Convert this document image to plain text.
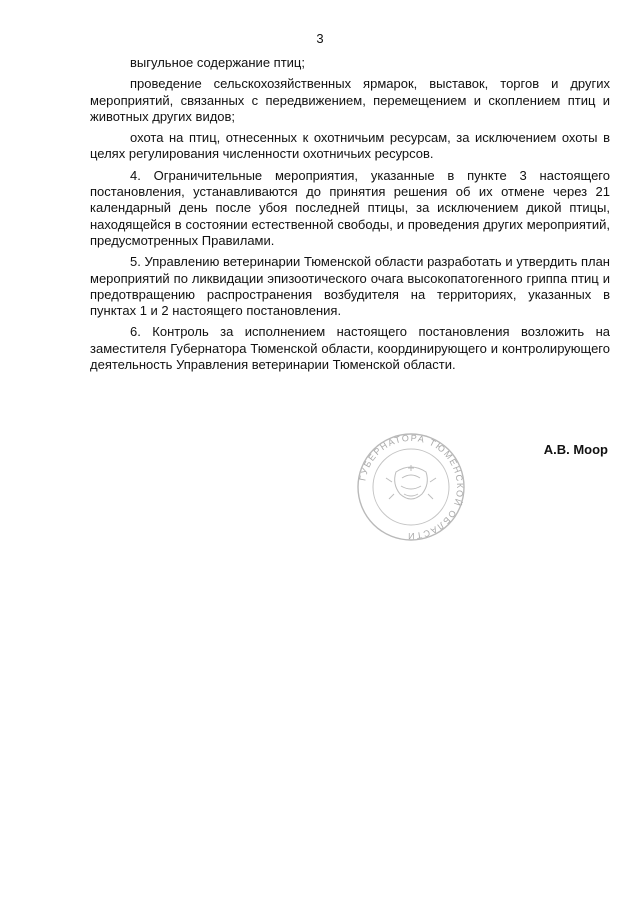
3

выгульное содержание птиц;

проведение сельскохозяйственных ярмарок, выставок, торгов и других мероприятий, связанных с передвижением, перемещением и скоплением птиц и животных других видов;

охота на птиц, отнесенных к охотничьим ресурсам, за исключением охоты в целях регулирования численности охотничьих ресурсов.

4. Ограничительные мероприятия, указанные в пункте 3 настоящего постановления, устанавливаются до принятия решения об их отмене через 21 календарный день после убоя последней птицы, за исключением дикой птицы, находящейся в состоянии естественной свободы, и проведения других мероприятий, предусмотренных Правилами.

5. Управлению ветеринарии Тюменской области разработать и утвердить план мероприятий по ликвидации эпизоотического очага высокопатогенного гриппа птиц и предотвращению распространения возбудителя на территориях, указанных в пунктах 1 и 2 настоящего постановления.

6. Контроль за исполнением настоящего постановления возложить на заместителя Губернатора Тюменской области, координирующего и контролирующего деятельность Управления ветеринарии Тюменской области.

ГУБЕРНАТОРА ТЮМЕНСКОЙ ОБЛАСТИ
А.В. Моор
